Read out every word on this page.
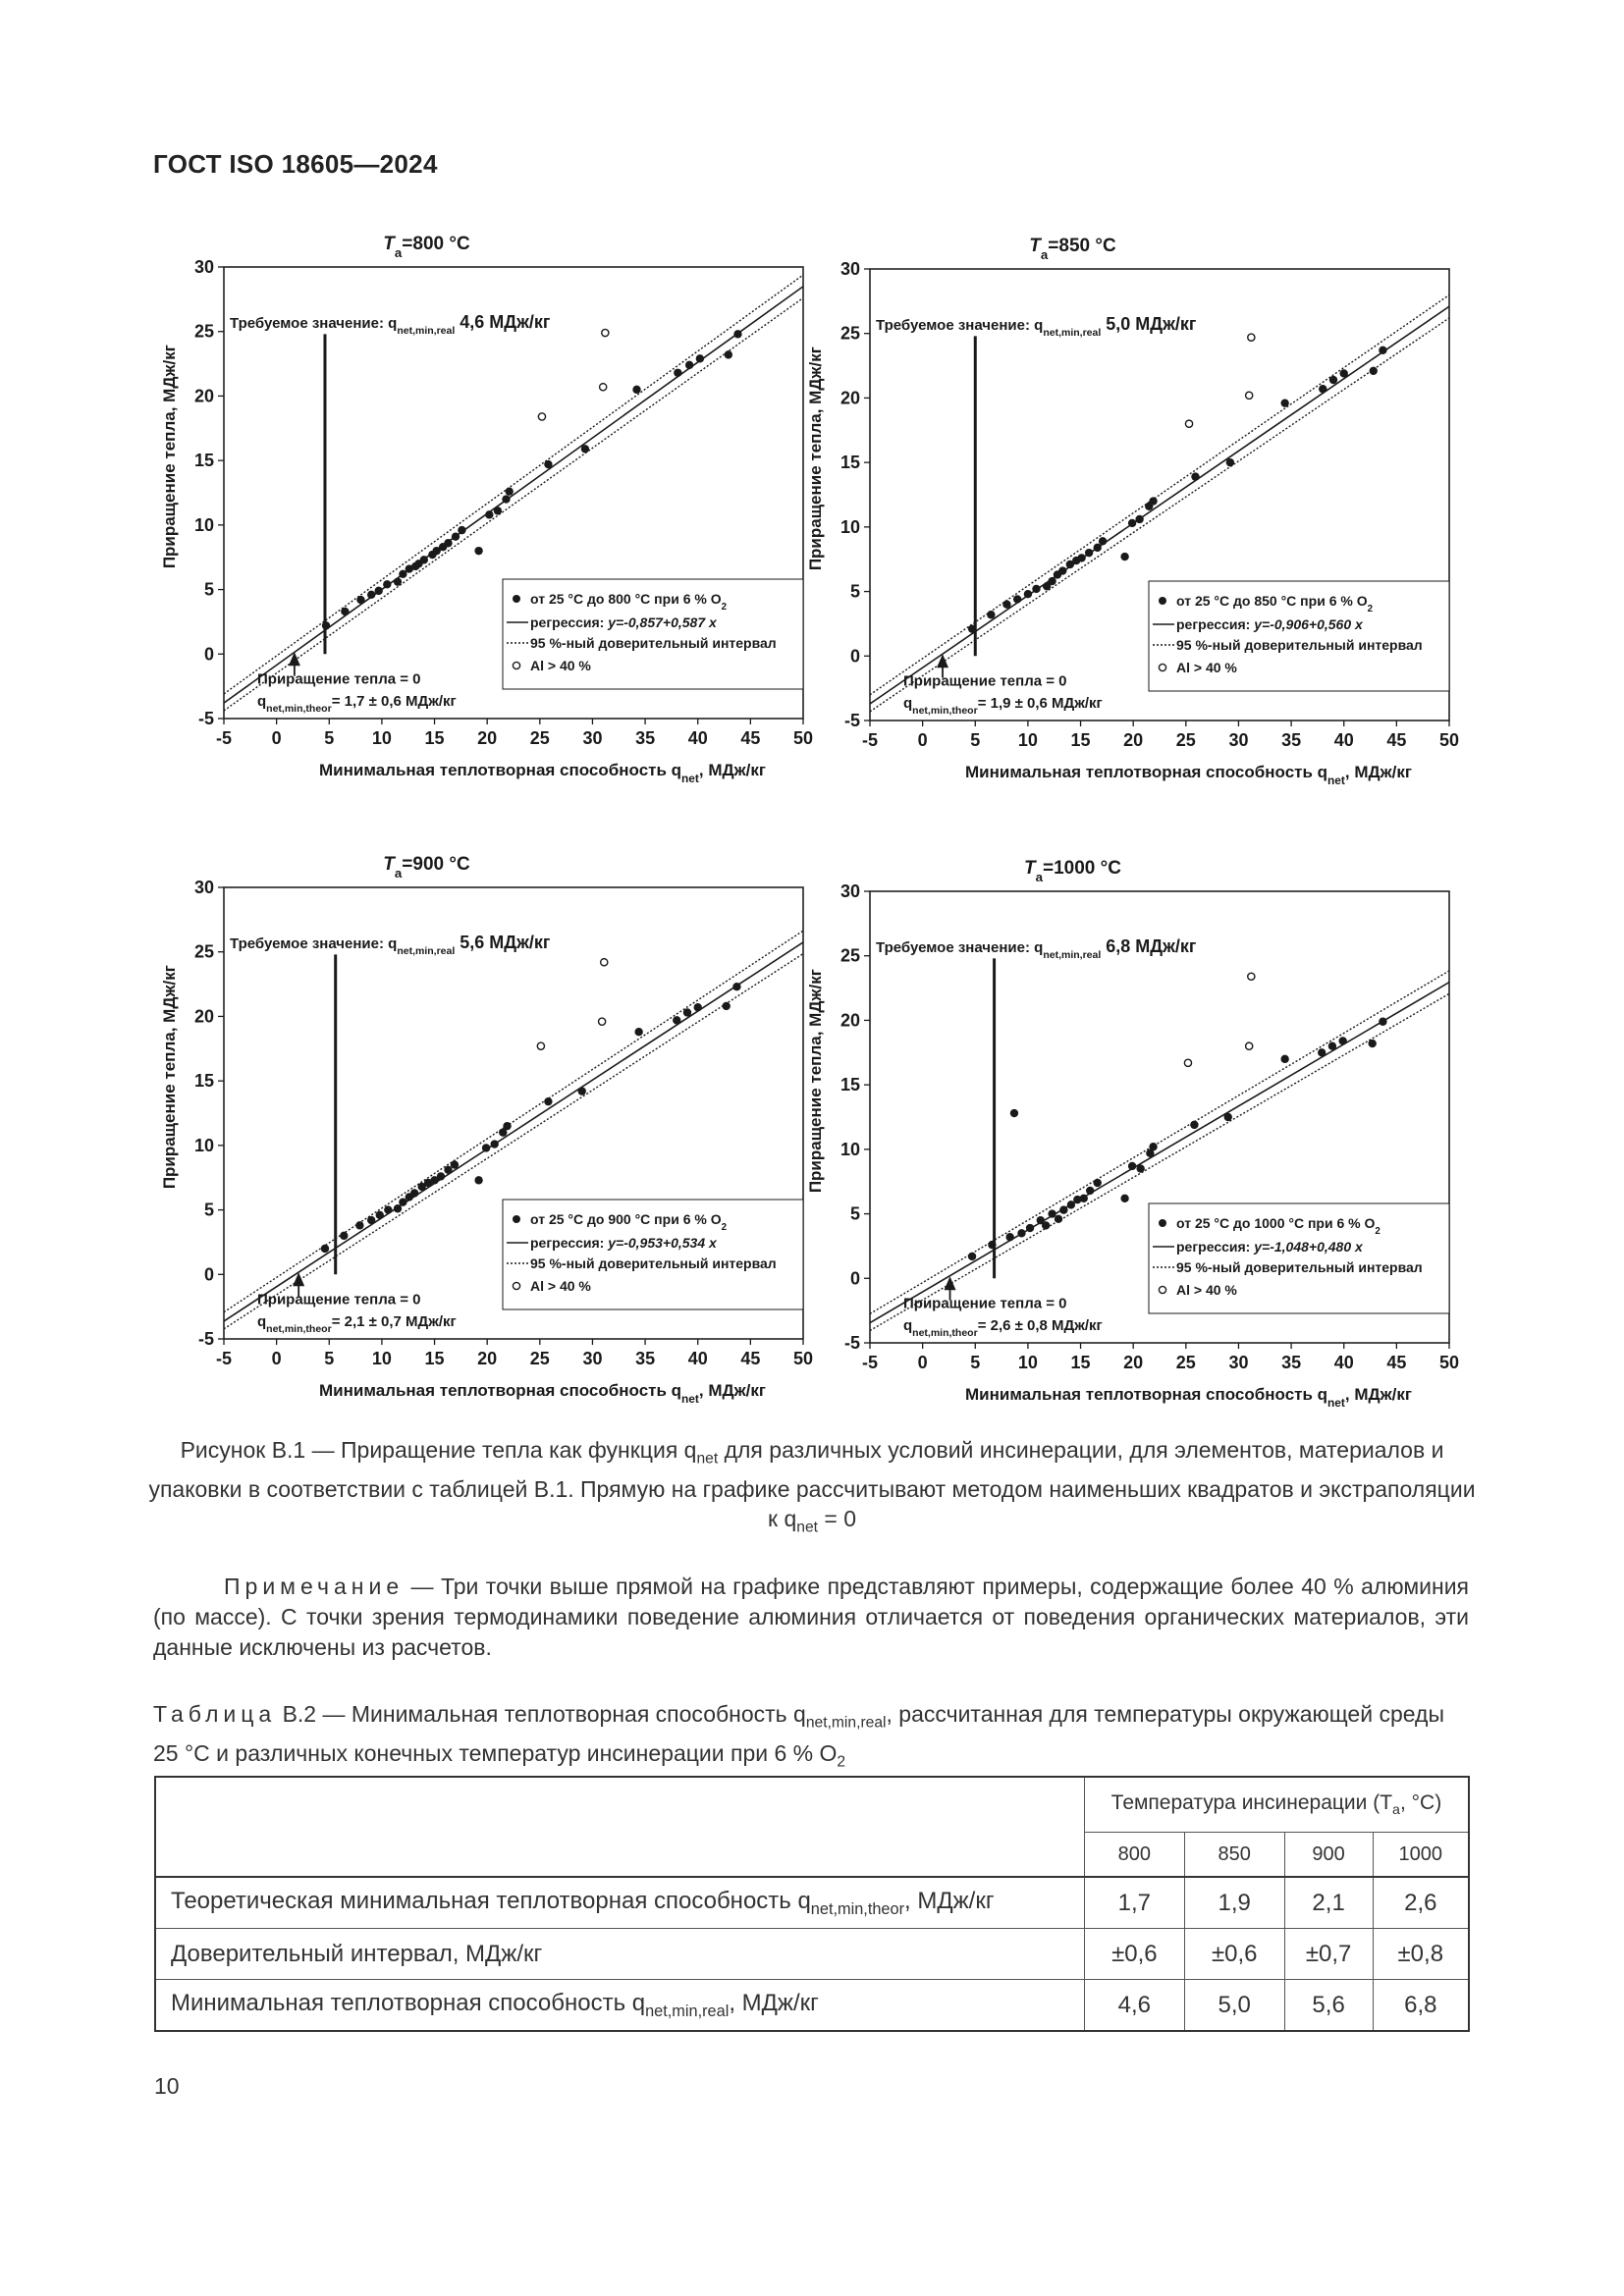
ГОСТ ISO 18605—2024
$T_a=800$ °C
-5 0 5 10 15 20 25 30 35 40 45 50
-5
0
5
10
15
20
25
30
Минимальная теплотворная способность $q_{net}$, МДж/кг
Приращение тепла, МДж/кг
Требуемое значение: $q_{net,min,real}$ 4,6 МДж/кг
Приращение тепла = 0
$q_{net,min,theor}= 1,7 \pm 0,6$ МДж/кг
от 25 °C до 800 °C при 6 % $O_2$
регрессия: y=-0,857+0,587 x
95 %-ный доверительный интервал
Al > 40 %
$T_a=850$ °C
-5 0 5 10 15 20 25 30 35 40 45 50
-5
0
5
10
15
20
25
30
Минимальная теплотворная способность $q_{net}$, МДж/кг
Приращение тепла, МДж/кг
Требуемое значение: $q_{net,min,real}$ 5,0 МДж/кг
Приращение тепла = 0
$q_{net,min,theor}= 1,9 \pm 0,6$ МДж/кг
от 25 °C до 850 °C при 6 % $O_2$
регрессия: y=-0,906+0,560 x
95 %-ный доверительный интервал
Al > 40 %
$T_a=900$ °C
-5 0 5 10 15 20 25 30 35 40 45 50
-5
0
5
10
15
20
25
30
Минимальная теплотворная способность $q_{net}$, МДж/кг
Приращение тепла, МДж/кг
Требуемое значение: $q_{net,min,real}$ 5,6 МДж/кг
Приращение тепла = 0
$q_{net,min,theor}= 2,1 \pm 0,7$ МДж/кг
от 25 °C до 900 °C при 6 % $O_2$
регрессия: y=-0,953+0,534 x
95 %-ный доверительный интервал
Al > 40 %
$T_a=1000$ °C
-5 0 5 10 15 20 25 30 35 40 45 50
-5
0
5
10
15
20
25
30
Минимальная теплотворная способность $q_{net}$, МДж/кг
Приращение тепла, МДж/кг
Требуемое значение: $q_{net,min,real}$ 6,8 МДж/кг
Приращение тепла = 0
$q_{net,min,theor}= 2,6 \pm 0,8$ МДж/кг
от 25 °C до 1000 °C при 6 % $O_2$
регрессия: y=-1,048+0,480 x
95 %-ный доверительный интервал
Al > 40 %
Рисунок B.1 — Приращение тепла как функция $q_{net}$ для различных условий инсинерации, для элементов, материалов и упаковки в соответствии с таблицей B.1. Прямую на графике рассчитывают методом наименьших квадратов и экстраполяции к $q_{net} = 0$
Примечание — Три точки выше прямой на графике представляют примеры, содержащие более 40 % алюминия (по массе). С точки зрения термодинамики поведение алюминия отличается от поведения органических материалов, эти данные исключены из расчетов.
Таблица B.2 — Минимальная теплотворная способность $q_{net,min,real}$, рассчитанная для температуры окружающей среды 25 °C и различных конечных температур инсинерации при 6 % $O_2$
	Температура инсинерации ($T_a$, °C)			
	800	850	900	1000
Теоретическая минимальная теплотворная способность $q_{net,min,theor}$, МДж/кг	1,7	1,9	2,1	2,6
Доверительный интервал, МДж/кг	±0,6	±0,6	±0,7	±0,8
Минимальная теплотворная способность $q_{net,min,real}$, МДж/кг	4,6	5,0	5,6	6,8
10
